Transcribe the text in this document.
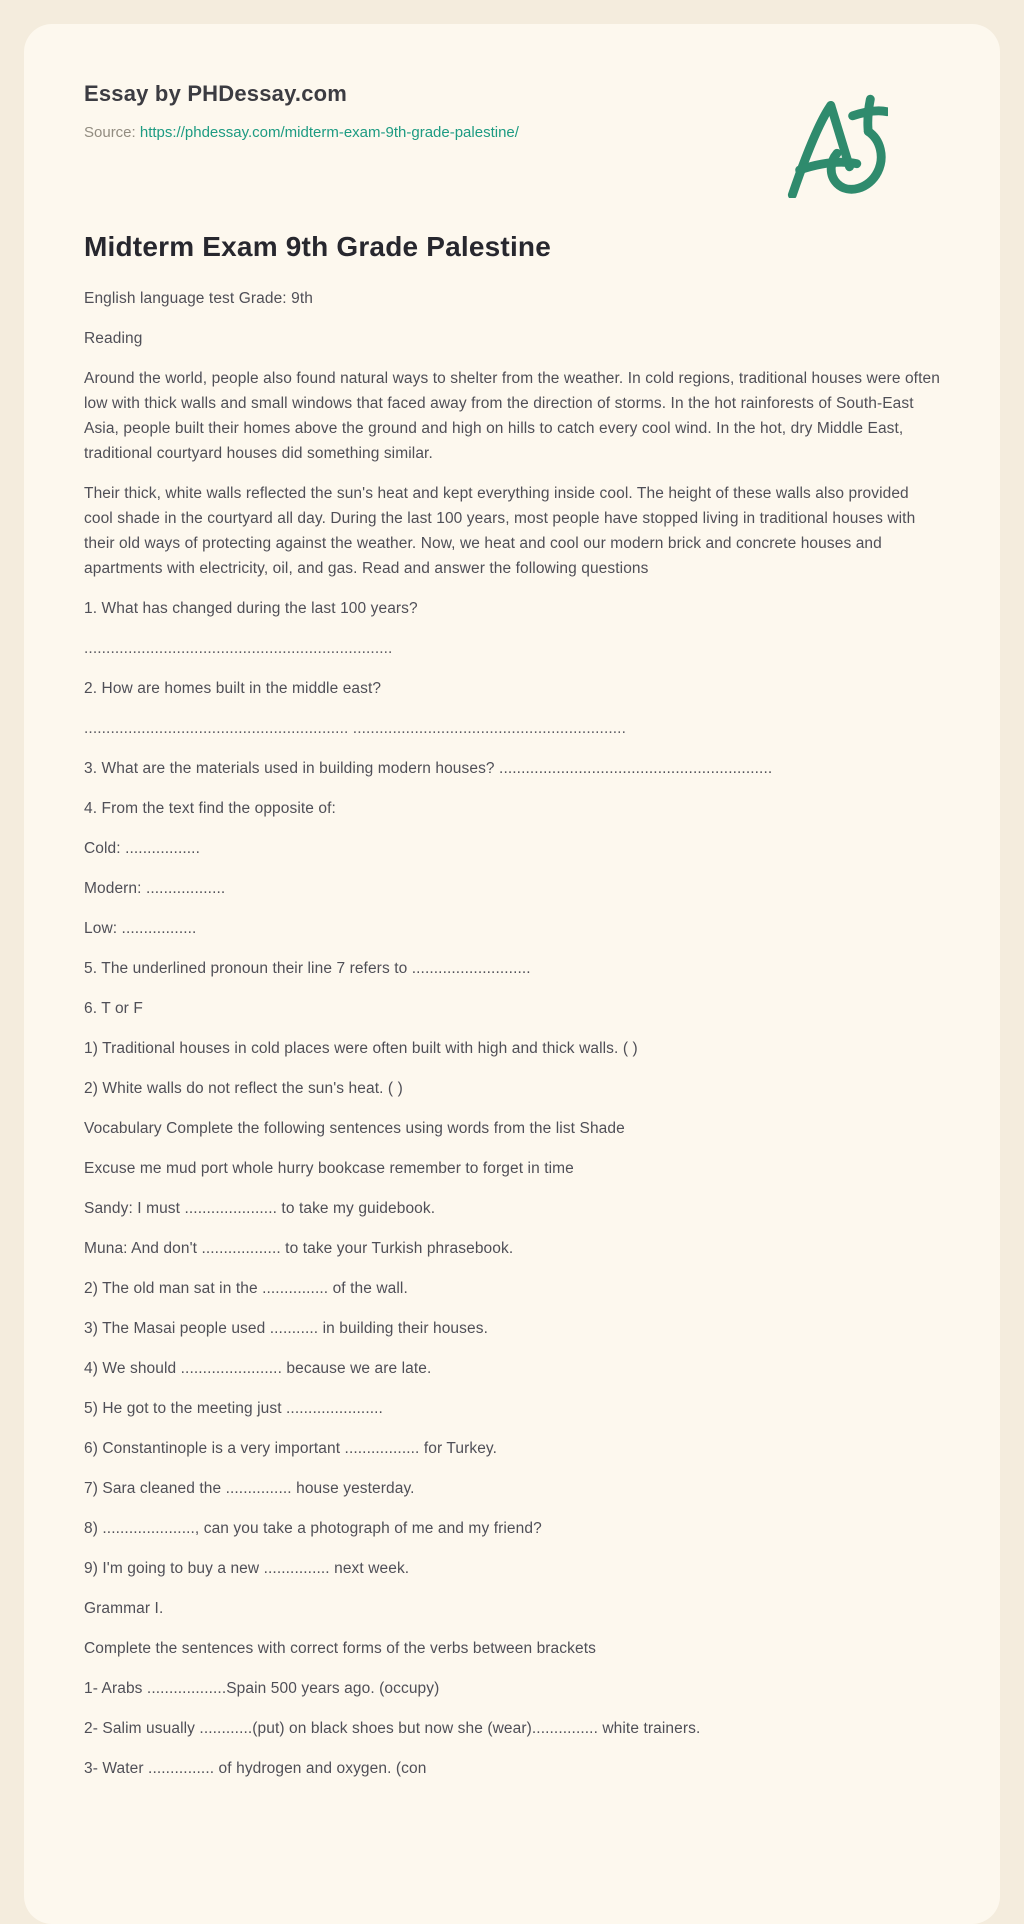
Essay by PHDessay.com

Source: https://phdessay.com/midterm-exam-9th-grade-palestine/

Midterm Exam 9th Grade Palestine

English language test Grade: 9th

Reading

Around the world, people also found natural ways to shelter from the weather. In cold regions, traditional houses were often low with thick walls and small windows that faced away from the direction of storms. In the hot rainforests of South-East Asia, people built their homes above the ground and high on hills to catch every cool wind. In the hot, dry Middle East, traditional courtyard houses did something similar.

Their thick, white walls reflected the sun's heat and kept everything inside cool. The height of these walls also provided cool shade in the courtyard all day. During the last 100 years, most people have stopped living in traditional houses with their old ways of protecting against the weather. Now, we heat and cool our modern brick and concrete houses and apartments with electricity, oil, and gas. Read and answer the following questions

1. What has changed during the last 100 years?

......................................................................

2. How are homes built in the middle east?

............................................................ ..............................................................

3. What are the materials used in building modern houses? ..............................................................

4. From the text find the opposite of:

Cold: .................

Modern: ..................

Low: .................

5. The underlined pronoun their line 7 refers to ...........................

6. T or F

1) Traditional houses in cold places were often built with high and thick walls. ( )

2) White walls do not reflect the sun's heat. ( )

Vocabulary Complete the following sentences using words from the list Shade

Excuse me mud port whole hurry bookcase remember to forget in time

Sandy: I must ..................... to take my guidebook.

Muna: And don't .................. to take your Turkish phrasebook.

2) The old man sat in the ............... of the wall.

3) The Masai people used ........... in building their houses.

4) We should ....................... because we are late.

5) He got to the meeting just ......................

6) Constantinople is a very important ................. for Turkey.

7) Sara cleaned the ............... house yesterday.

8) ....................., can you take a photograph of me and my friend?

9) I'm going to buy a new ............... next week.

Grammar I.

Complete the sentences with correct forms of the verbs between brackets

1- Arabs ..................Spain 500 years ago. (occupy)

2- Salim usually ............(put) on black shoes but now she (wear)............... white trainers.

3- Water ............... of hydrogen and oxygen. (con
